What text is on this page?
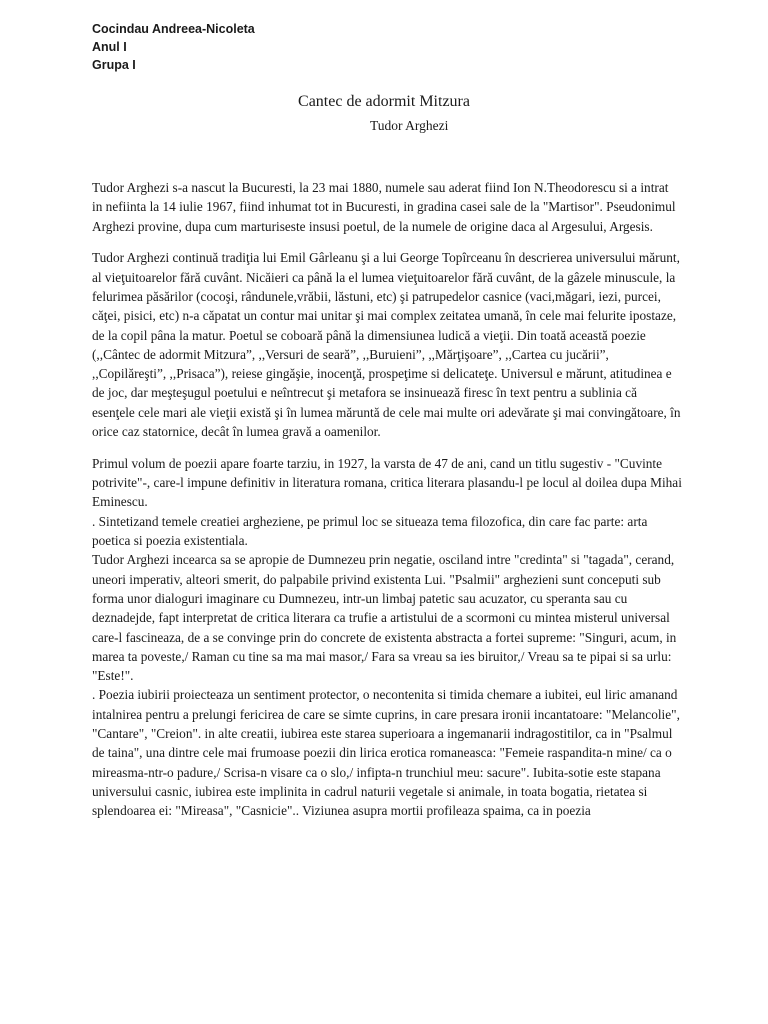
Cocindau Andreea-Nicoleta
Anul I
Grupa I
Cantec de adormit Mitzura
Tudor Arghezi

Tudor Arghezi s-a nascut la Bucuresti, la 23 mai 1880, numele sau aderat fiind Ion N.Theodorescu si a intrat in nefiinta la 14 iulie 1967, fiind inhumat tot in Bucuresti, in gradina casei sale de la "Martisor". Pseudonimul Arghezi provine, dupa cum marturiseste insusi poetul, de la numele de origine daca al Argesului, Argesis.

Tudor Arghezi continuă tradiţia lui Emil Gârleanu şi a lui George Topîrceanu în descrierea universului mărunt, al vieţuitoarelor fără cuvânt. Nicăieri ca până la el lumea vieţuitoarelor fără cuvânt, de la gâzele minuscule, la felurimea păsărilor (cocoşi, rândunele,vrăbii, lăstuni, etc) şi patrupedelor casnice (vaci,măgari, iezi, purcei, căţei, pisici, etc) n-a căpatat un contur mai unitar şi mai complex zeitatea umană, în cele mai felurite ipostaze, de la copil pâna la matur. Poetul se coboară până la dimensiunea ludică a vieţii. Din toată această poezie (,,Cântec de adormit Mitzura”, ,,Versuri de seară”, ,,Buruieni”, ,,Mărţişoare”, ,,Cartea cu jucării”, ,,Copilăreşti”, ,,Prisaca”), reiese gingăşie, inocenţă, prospeţime si delicateţe. Universul e mărunt, atitudinea e de joc, dar meşteşugul poetului e neîntrecut şi metafora se insinuează firesc în text pentru a sublinia că esenţele cele mari ale vieţii există şi în lumea măruntă de cele mai multe ori adevărate şi mai convingătoare, în orice caz statornice, decât în lumea gravă a oamenilor.

Primul volum de poezii apare foarte tarziu, in 1927, la varsta de 47 de ani, cand un titlu sugestiv - "Cuvinte potrivite"-, care-l impune definitiv in literatura romana, critica literara plasandu-l pe locul al doilea dupa Mihai Eminescu.

. Sintetizand temele creatiei argheziene, pe primul loc se situeaza tema filozofica, din care fac parte: arta poetica si poezia existentiala.

Tudor Arghezi incearca sa se apropie de Dumnezeu prin negatie, osciland intre "credinta" si "tagada", cerand, uneori imperativ, alteori smerit, do palpabile privind existenta Lui. "Psalmii" arghezieni sunt conceputi sub forma unor dialoguri imaginare cu Dumnezeu, intr-un limbaj patetic sau acuzator, cu speranta sau cu deznadejde, fapt interpretat de critica literara ca trufie a artistului de a scormoni cu mintea misterul universal care-l fascineaza, de a se convinge prin do concrete de existenta abstracta a fortei supreme: "Singuri, acum, in marea ta poveste,/ Raman cu tine sa ma mai masor,/ Fara sa vreau sa ies biruitor,/ Vreau sa te pipai si sa urlu: "Este!".

. Poezia iubirii proiecteaza un sentiment protector, o necontenita si timida chemare a iubitei, eul liric amanand intalnirea pentru a prelungi fericirea de care se simte cuprins, in care presara ironii incantatoare: "Melancolie", "Cantare", "Creion". in alte creatii, iubirea este starea superioara a ingemanarii indragostitilor, ca in "Psalmul de taina", una dintre cele mai frumoase poezii din lirica erotica romaneasca: "Femeie raspandita-n mine/ ca o mireasma-ntr-o padure,/ Scrisa-n visare ca o slo,/ infipta-n trunchiul meu: sacure". Iubita-sotie este stapana universului casnic, iubirea este implinita in cadrul naturii vegetale si animale, in toata bogatia, rietatea si splendoarea ei: "Mireasa", "Casnicie".. Viziunea asupra mortii profileaza spaima, ca in poezia
